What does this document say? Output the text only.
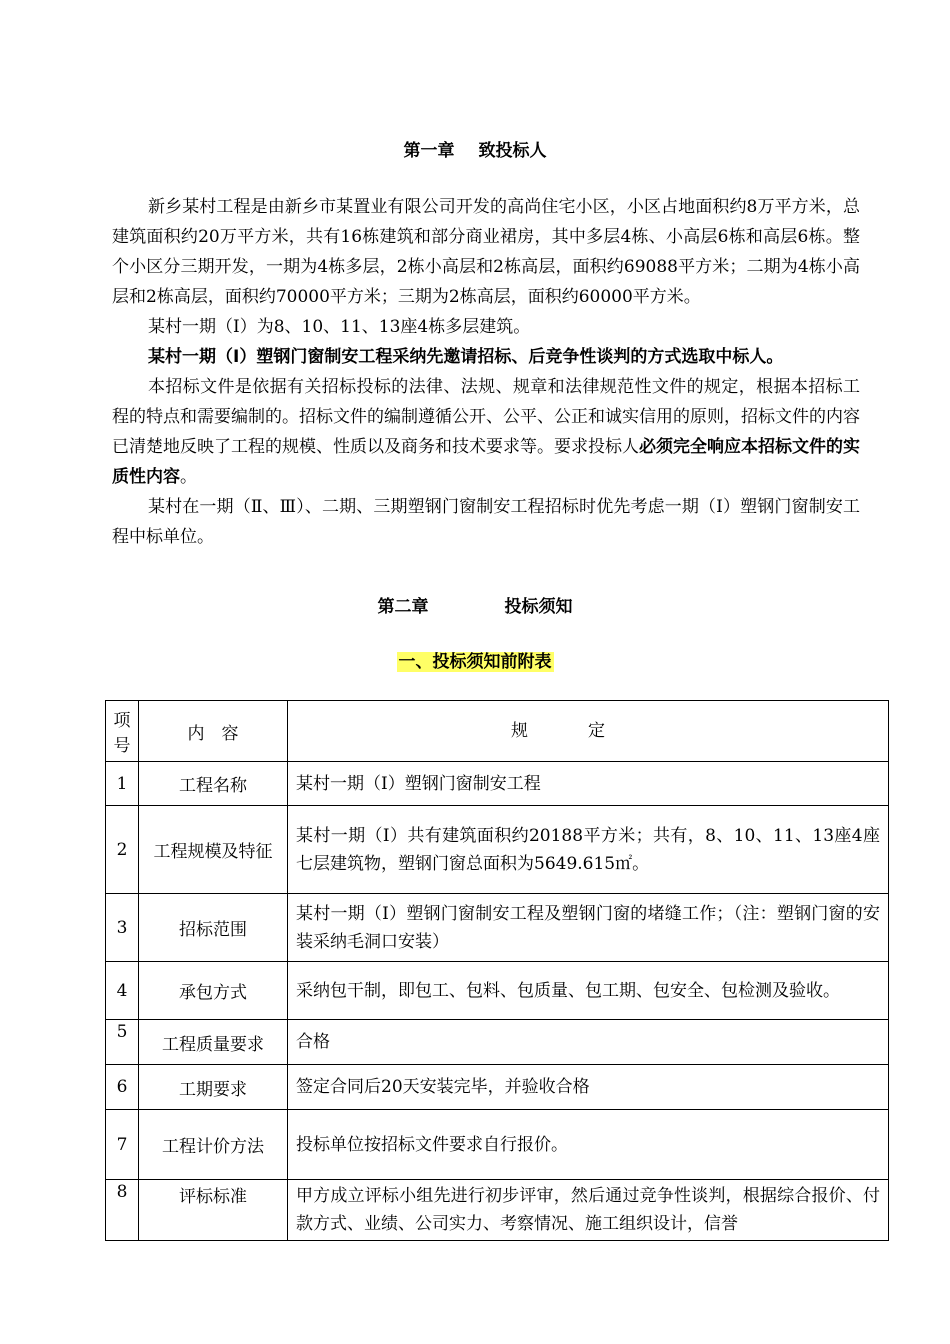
第一章 致投标人

新乡某村工程是由新乡市某置业有限公司开发的高尚住宅小区，小区占地面积约8万平方米，总建筑面积约20万平方米，共有16栋建筑和部分商业裙房，其中多层4栋、小高层6栋和高层6栋。整个小区分三期开发，一期为4栋多层，2栋小高层和2栋高层，面积约69088平方米；二期为4栋小高层和2栋高层，面积约70000平方米；三期为2栋高层，面积约60000平方米。

某村一期（Ⅰ）为8、10、11、13座4栋多层建筑。

某村一期（Ⅰ）塑钢门窗制安工程采纳先邀请招标、后竞争性谈判的方式选取中标人。

本招标文件是依据有关招标投标的法律、法规、规章和法律规范性文件的规定，根据本招标工程的特点和需要编制的。招标文件的编制遵循公开、公平、公正和诚实信用的原则，招标文件的内容已清楚地反映了工程的规模、性质以及商务和技术要求等。要求投标人必须完全响应本招标文件的实质性内容。

某村在一期（Ⅱ、Ⅲ）、二期、三期塑钢门窗制安工程招标时优先考虑一期（Ⅰ）塑钢门窗制安工程中标单位。

第二章	投标须知
一、投标须知前附表
项号	内　容	规定
1	工程名称	某村一期（Ⅰ）塑钢门窗制安工程
2	工程规模及特征	某村一期（Ⅰ）共有建筑面积约20188平方米；共有，8、10、11、13座4座七层建筑物，塑钢门窗总面积为5649.615㎡。
3	招标范围	某村一期（Ⅰ）塑钢门窗制安工程及塑钢门窗的堵缝工作；（注：塑钢门窗的安装采纳毛洞口安装）
4	承包方式	采纳包干制，即包工、包料、包质量、包工期、包安全、包检测及验收。
5	工程质量要求	合格
6	工期要求	签定合同后20天安装完毕，并验收合格
7	工程计价方法	投标单位按招标文件要求自行报价。
8	评标标准	甲方成立评标小组先进行初步评审，然后通过竞争性谈判，根据综合报价、付款方式、业绩、公司实力、考察情况、施工组织设计，信誉
